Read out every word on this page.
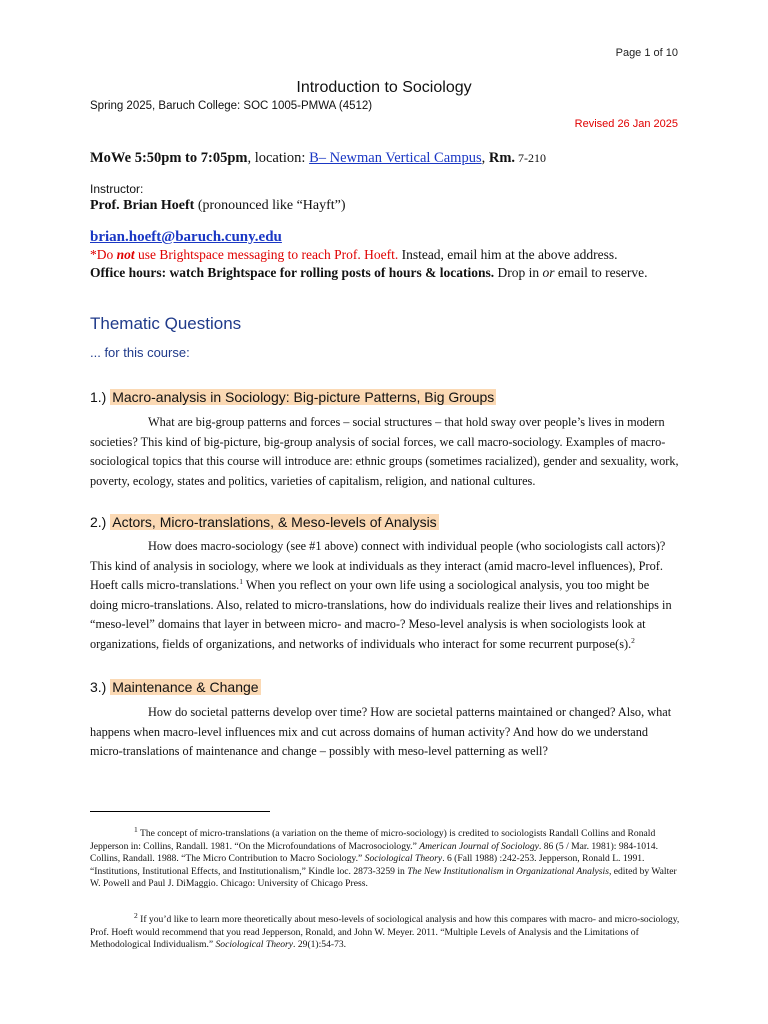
Page 1 of 10
Introduction to Sociology
Spring 2025, Baruch College: SOC 1005-PMWA (4512)
Revised 26 Jan 2025
MoWe 5:50pm to 7:05pm, location: B– Newman Vertical Campus, Rm. 7-210
Instructor:
Prof. Brian Hoeft (pronounced like “Hayft”)
brian.hoeft@baruch.cuny.edu
*Do not use Brightspace messaging to reach Prof. Hoeft. Instead, email him at the above address.
Office hours: watch Brightspace for rolling posts of hours & locations. Drop in or email to reserve.
Thematic Questions
... for this course:
1.) Macro-analysis in Sociology: Big-picture Patterns, Big Groups
What are big-group patterns and forces – social structures – that hold sway over people’s lives in modern societies? This kind of big-picture, big-group analysis of social forces, we call macro-sociology. Examples of macro-sociological topics that this course will introduce are: ethnic groups (sometimes racialized), gender and sexuality, work, poverty, ecology, states and politics, varieties of capitalism, religion, and national cultures.
2.) Actors, Micro-translations, & Meso-levels of Analysis
How does macro-sociology (see #1 above) connect with individual people (who sociologists call actors)? This kind of analysis in sociology, where we look at individuals as they interact (amid macro-level influences), Prof. Hoeft calls micro-translations.$^1$ When you reflect on your own life using a sociological analysis, you too might be doing micro-translations. Also, related to micro-translations, how do individuals realize their lives and relationships in “meso-level” domains that layer in between micro- and macro-? Meso-level analysis is when sociologists look at organizations, fields of organizations, and networks of individuals who interact for some recurrent purpose(s).$^2$
3.) Maintenance & Change
How do societal patterns develop over time? How are societal patterns maintained or changed? Also, what happens when macro-level influences mix and cut across domains of human activity? And how do we understand micro-translations of maintenance and change – possibly with meso-level patterning as well?
$^1$ The concept of micro-translations (a variation on the theme of micro-sociology) is credited to sociologists Randall Collins and Ronald Jepperson in: Collins, Randall. 1981. “On the Microfoundations of Macrosociology.” American Journal of Sociology. 86 (5 / Mar. 1981): 984-1014. Collins, Randall. 1988. “The Micro Contribution to Macro Sociology.” Sociological Theory. 6 (Fall 1988) :242-253. Jepperson, Ronald L. 1991. “Institutions, Institutional Effects, and Institutionalism,” Kindle loc. 2873-3259 in The New Institutionalism in Organizational Analysis, edited by Walter W. Powell and Paul J. DiMaggio. Chicago: University of Chicago Press.
$^2$ If you’d like to learn more theoretically about meso-levels of sociological analysis and how this compares with macro- and micro-sociology, Prof. Hoeft would recommend that you read Jepperson, Ronald, and John W. Meyer. 2011. “Multiple Levels of Analysis and the Limitations of Methodological Individualism.” Sociological Theory. 29(1):54-73.
